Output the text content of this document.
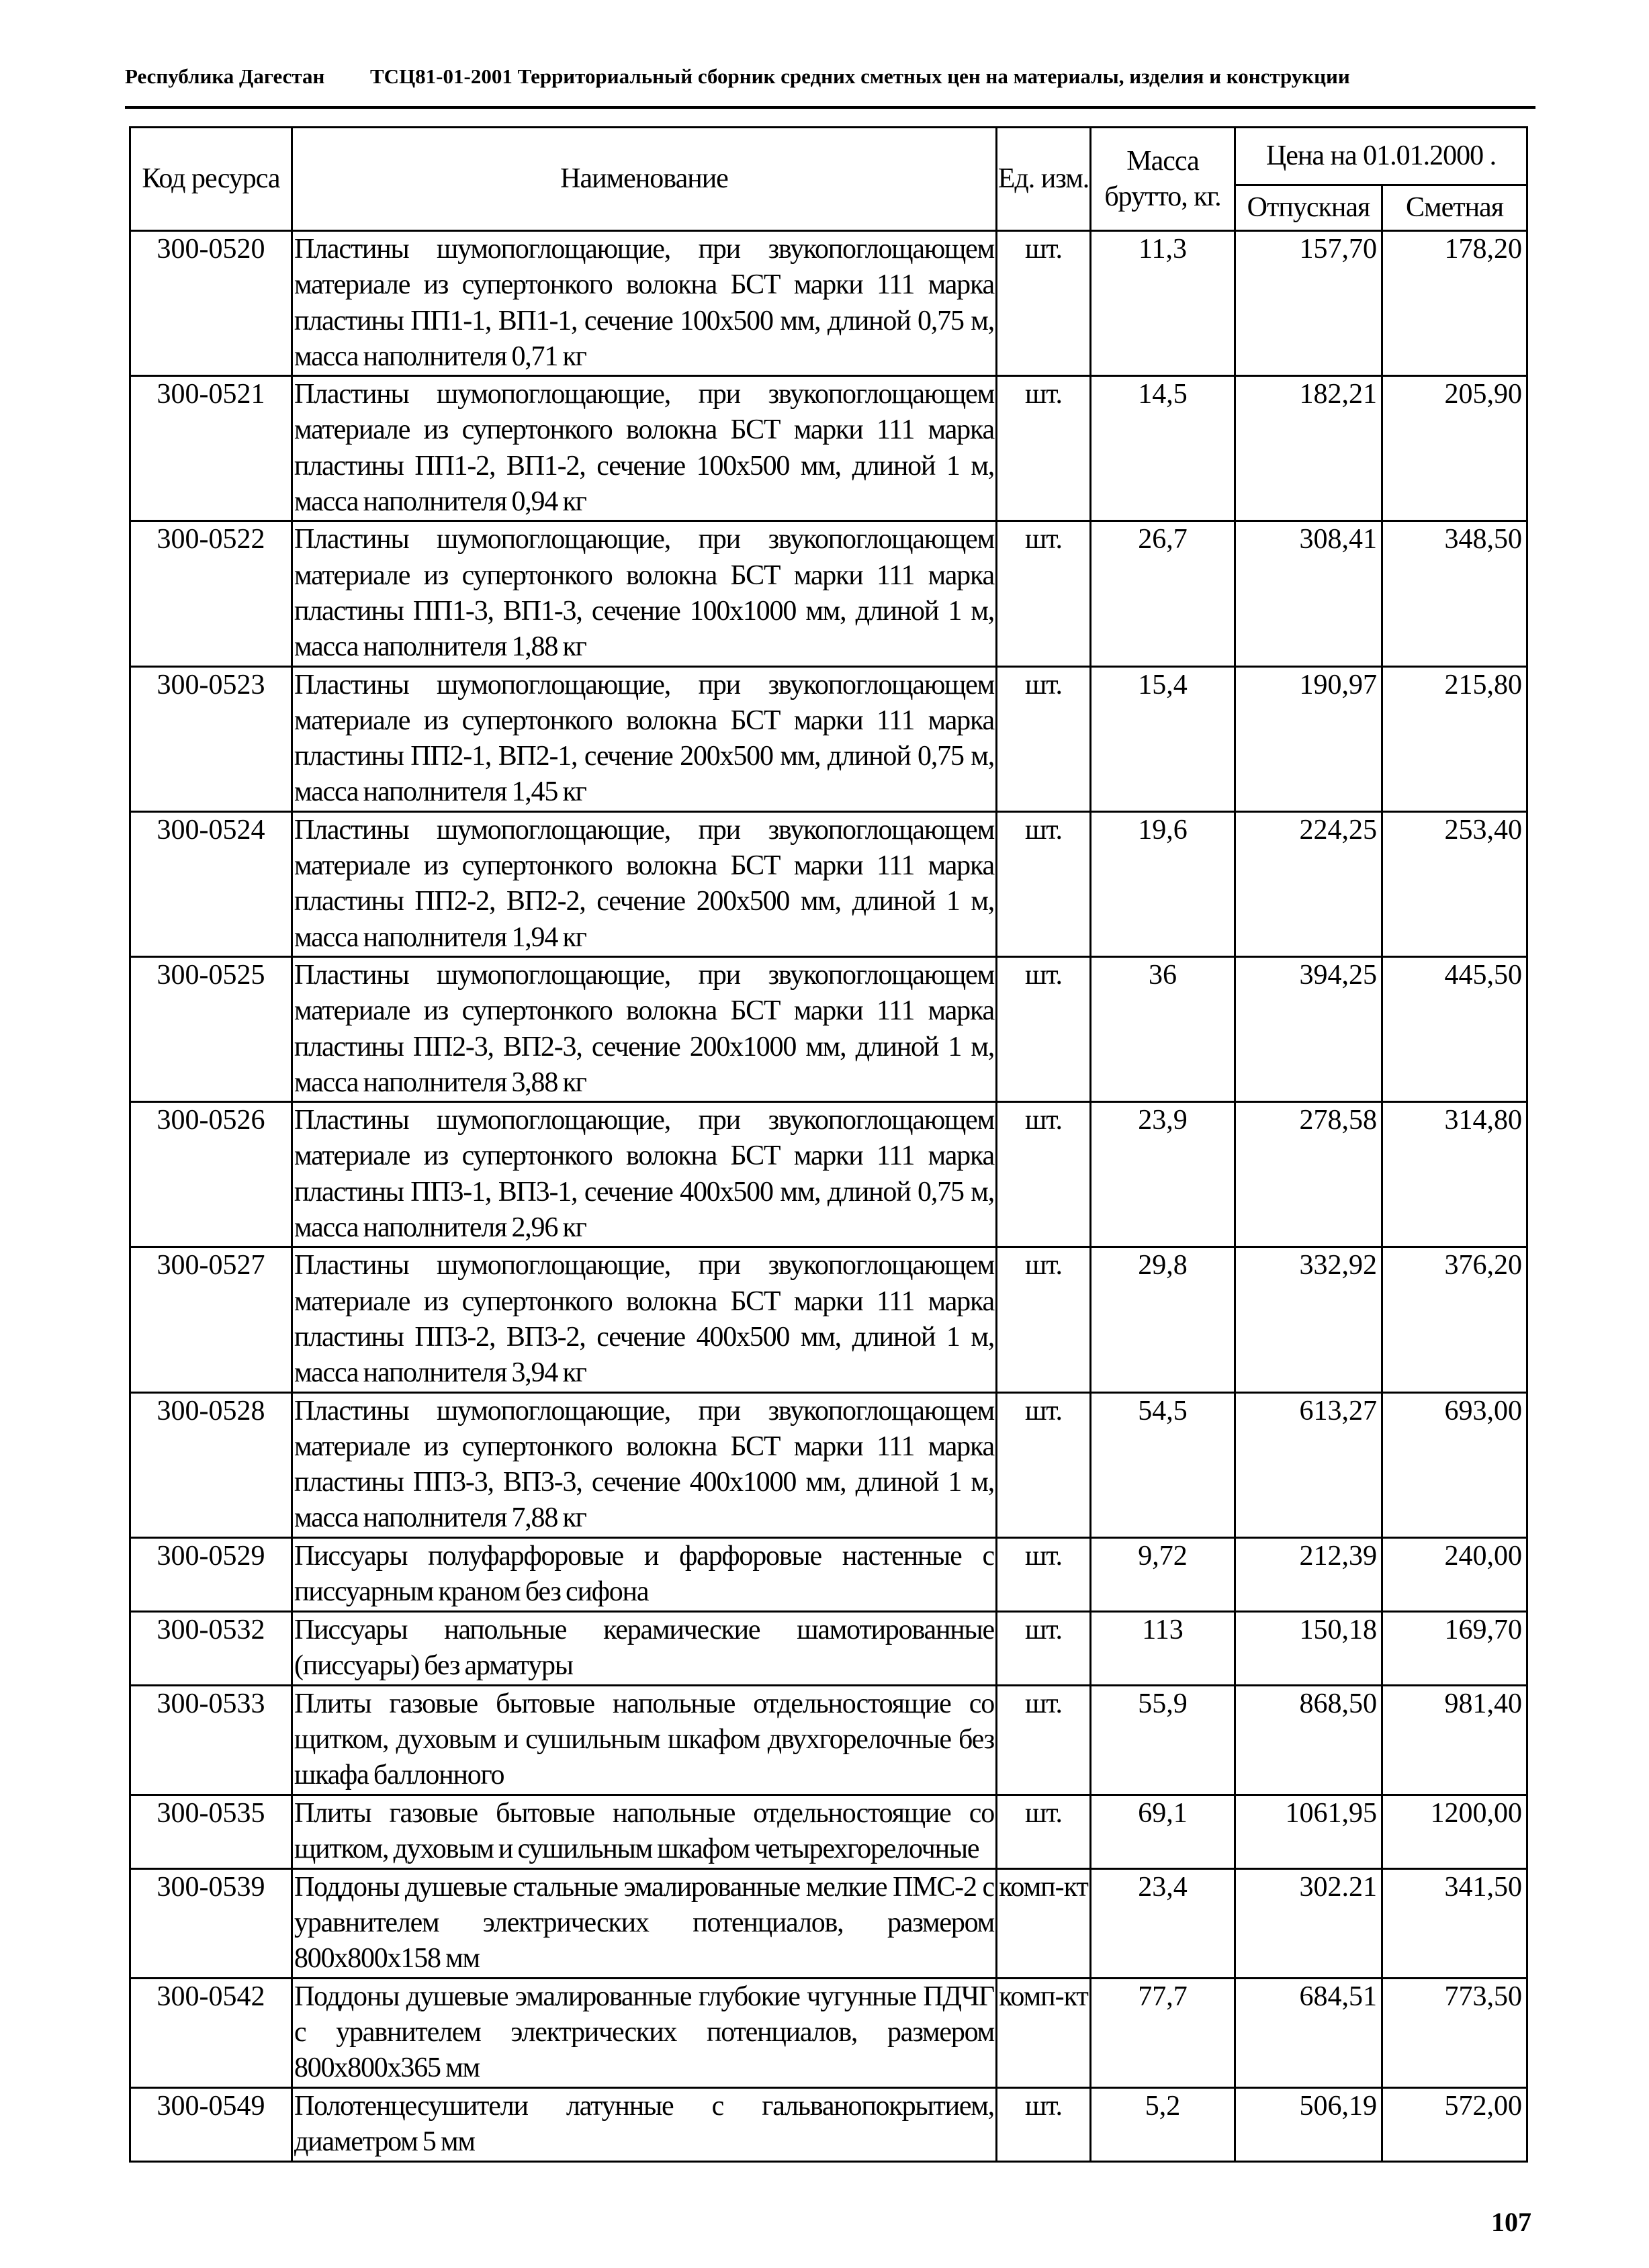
Республика Дагестан ТСЦ81-01-2001 Территориальный сборник средних сметных цен на материалы, изделия и конструкции
Код ресурса	Наименование	Ед. изм.	Масса брутто, кг.	Цена на 01.01.2000 .	
				Отпускная	Сметная
300-0520	Пластины шумопоглощающие, при звукопоглощающем материале из супертонкого волокна БСТ марки 111 марка пластины ПП1-1, ВП1-1, сечение 100х500 мм, длиной 0,75 м, масса наполнителя 0,71 кг	шт.	11,3	157,70	178,20
300-0521	Пластины шумопоглощающие, при звукопоглощающем материале из супертонкого волокна БСТ марки 111 марка пластины ПП1-2, ВП1-2, сечение 100х500 мм, длиной 1 м, масса наполнителя 0,94 кг	шт.	14,5	182,21	205,90
300-0522	Пластины шумопоглощающие, при звукопоглощающем материале из супертонкого волокна БСТ марки 111 марка пластины ПП1-3, ВП1-3, сечение 100х1000 мм, длиной 1 м, масса наполнителя 1,88 кг	шт.	26,7	308,41	348,50
300-0523	Пластины шумопоглощающие, при звукопоглощающем материале из супертонкого волокна БСТ марки 111 марка пластины ПП2-1, ВП2-1, сечение 200х500 мм, длиной 0,75 м, масса наполнителя 1,45 кг	шт.	15,4	190,97	215,80
300-0524	Пластины шумопоглощающие, при звукопоглощающем материале из супертонкого волокна БСТ марки 111 марка пластины ПП2-2, ВП2-2, сечение 200х500 мм, длиной 1 м, масса наполнителя 1,94 кг	шт.	19,6	224,25	253,40
300-0525	Пластины шумопоглощающие, при звукопоглощающем материале из супертонкого волокна БСТ марки 111 марка пластины ПП2-3, ВП2-3, сечение 200х1000 мм, длиной 1 м, масса наполнителя 3,88 кг	шт.	36	394,25	445,50
300-0526	Пластины шумопоглощающие, при звукопоглощающем материале из супертонкого волокна БСТ марки 111 марка пластины ПП3-1, ВП3-1, сечение 400х500 мм, длиной 0,75 м, масса наполнителя 2,96 кг	шт.	23,9	278,58	314,80
300-0527	Пластины шумопоглощающие, при звукопоглощающем материале из супертонкого волокна БСТ марки 111 марка пластины ПП3-2, ВП3-2, сечение 400х500 мм, длиной 1 м, масса наполнителя 3,94 кг	шт.	29,8	332,92	376,20
300-0528	Пластины шумопоглощающие, при звукопоглощающем материале из супертонкого волокна БСТ марки 111 марка пластины ПП3-3, ВП3-3, сечение 400х1000 мм, длиной 1 м, масса наполнителя 7,88 кг	шт.	54,5	613,27	693,00
300-0529	Писсуары полуфарфоровые и фарфоровые настенные с писсуарным краном без сифона	шт.	9,72	212,39	240,00
300-0532	Писсуары напольные керамические шамотированные (писсуары) без арматуры	шт.	113	150,18	169,70
300-0533	Плиты газовые бытовые напольные отдельностоящие со щитком, духовым и сушильным шкафом двухгорелочные без шкафа баллонного	шт.	55,9	868,50	981,40
300-0535	Плиты газовые бытовые напольные отдельностоящие со щитком, духовым и сушильным шкафом четырехгорелочные	шт.	69,1	1061,95	1200,00
300-0539	Поддоны душевые стальные эмалированные мелкие ПМС-2 с уравнителем электрических потенциалов, размером 800х800х158 мм	комп-кт	23,4	302.21	341,50
300-0542	Поддоны душевые эмалированные глубокие чугунные ПДЧГ с уравнителем электрических потенциалов, размером 800х800х365 мм	комп-кт	77,7	684,51	773,50
300-0549	Полотенцесушители латунные с гальванопокрытием, диаметром 5 мм	шт.	5,2	506,19	572,00
107
